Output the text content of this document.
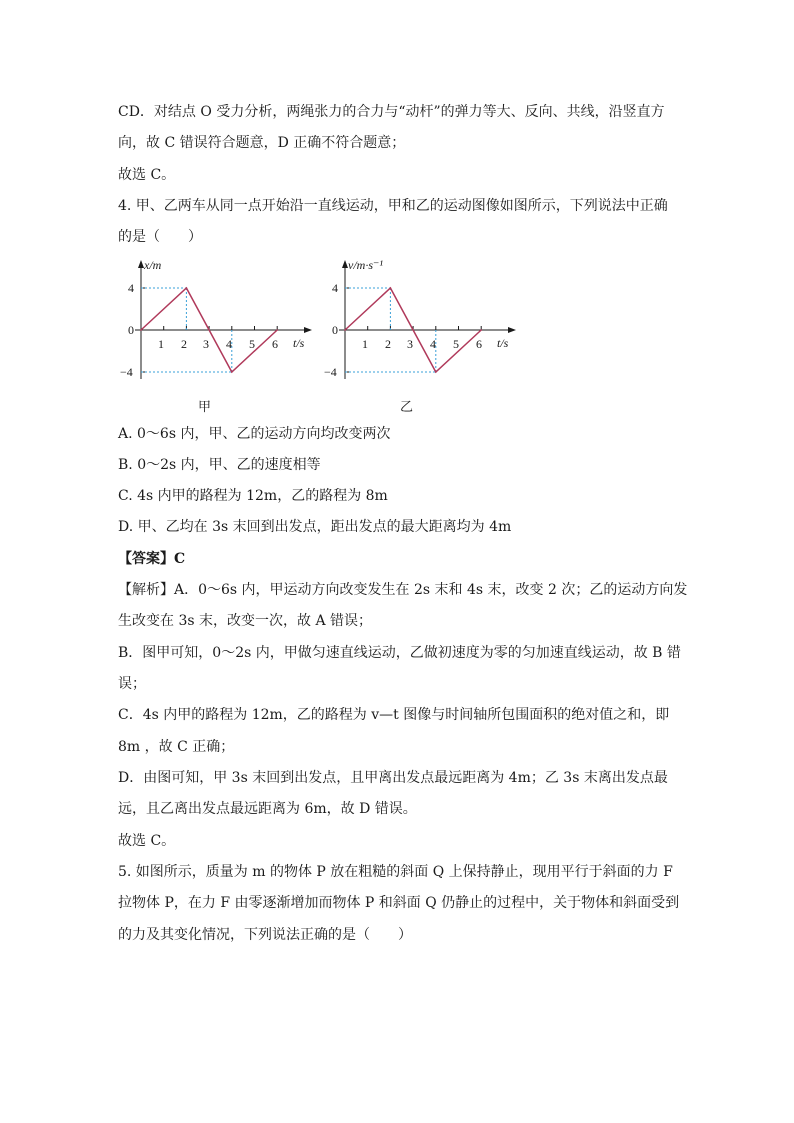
CD．对结点 O 受力分析，两绳张力的合力与“动杆”的弹力等大、反向、共线，沿竖直方
向，故 C 错误符合题意，D 正确不符合题意；
故选 C。
4. 甲、乙两车从同一点开始沿一直线运动，甲和乙的运动图像如图所示，下列说法中正确
的是（　　）
x/m
t/s
0
4
−4
1 2 3 4 5 6
甲
v/m·s⁻¹
t/s
0
4
−4
1 2 3 4 5 6
乙
A. 0～6s 内，甲、乙的运动方向均改变两次
B. 0～2s 内，甲、乙的速度相等
C. 4s 内甲的路程为 12m，乙的路程为 8m
D. 甲、乙均在 3s 末回到出发点，距出发点的最大距离均为 4m
【答案】C
【解析】A．0～6s 内，甲运动方向改变发生在 2s 末和 4s 末，改变 2 次；乙的运动方向发
生改变在 3s 末，改变一次，故 A 错误；
B．图甲可知，0～2s 内，甲做匀速直线运动，乙做初速度为零的匀加速直线运动，故 B 错
误；
C．4s 内甲的路程为 12m，乙的路程为 v—t 图像与时间轴所包围面积的绝对值之和，即
8m ，故 C 正确；
D．由图可知，甲 3s 末回到出发点，且甲离出发点最远距离为 4m；乙 3s 末离出发点最
远，且乙离出发点最远距离为 6m，故 D 错误。
故选 C。
5. 如图所示，质量为 m 的物体 P 放在粗糙的斜面 Q 上保持静止，现用平行于斜面的力 F
拉物体 P，在力 F 由零逐渐增加而物体 P 和斜面 Q 仍静止的过程中，关于物体和斜面受到
的力及其变化情况，下列说法正确的是（　　）
